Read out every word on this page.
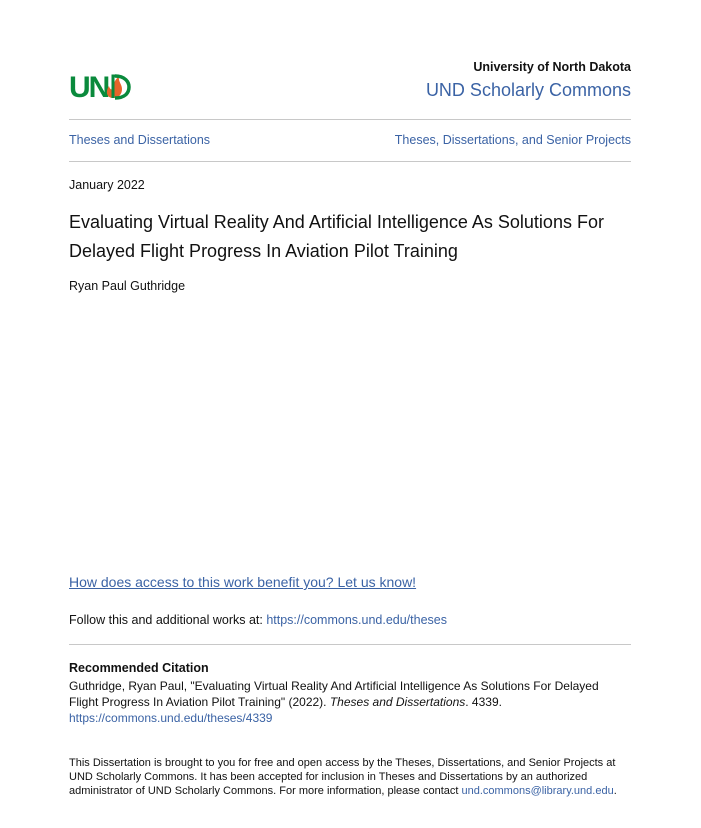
UN
University of North Dakota
UND Scholarly Commons
Theses and Dissertations	Theses, Dissertations, and Senior Projects
January 2022
Evaluating Virtual Reality And Artificial Intelligence As Solutions For Delayed Flight Progress In Aviation Pilot Training
Ryan Paul Guthridge
How does access to this work benefit you? Let us know!
Follow this and additional works at: https://commons.und.edu/theses
Recommended Citation
Guthridge, Ryan Paul, "Evaluating Virtual Reality And Artificial Intelligence As Solutions For Delayed Flight Progress In Aviation Pilot Training" (2022). Theses and Dissertations. 4339.
https://commons.und.edu/theses/4339
This Dissertation is brought to you for free and open access by the Theses, Dissertations, and Senior Projects at UND Scholarly Commons. It has been accepted for inclusion in Theses and Dissertations by an authorized administrator of UND Scholarly Commons. For more information, please contact und.commons@library.und.edu.
